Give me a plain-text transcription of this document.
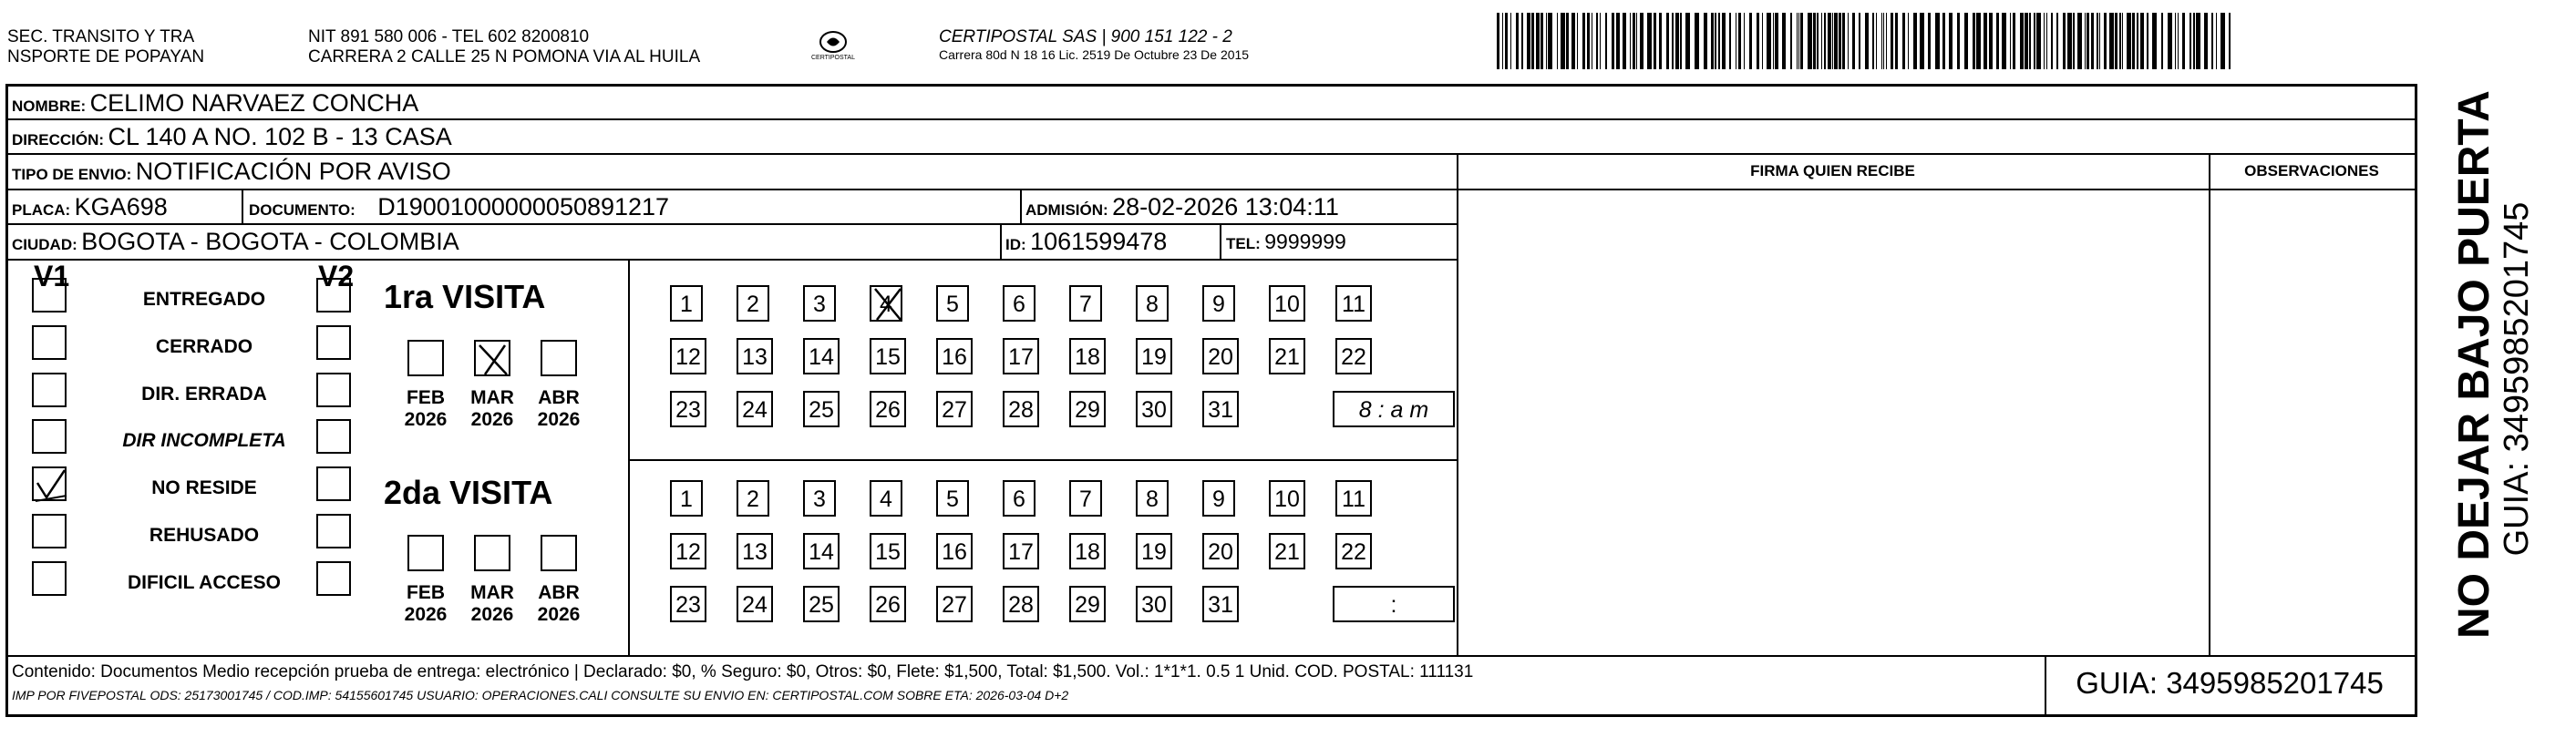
SEC. TRANSITO Y TRA
NSPORTE DE POPAYAN
NIT 891 580 006 - TEL 602 8200810
CARRERA 2 CALLE 25 N POMONA VIA AL HUILA	CERTIPOSTAL
CERTIPOSTAL SAS | 900 151 122 - 2
Carrera 80d N 18 16 Lic. 2519 De Octubre 23 De 2015
NOMBRE: CELIMO NARVAEZ CONCHA
DIRECCIÓN: CL 140 A NO. 102 B - 13 CASA
TIPO DE ENVIO: NOTIFICACIÓN POR AVISO	FIRMA QUIEN RECIBE	OBSERVACIONES
PLACA: KGA698	DOCUMENTO: D19001000000050891217	ADMISIÓN: 28-02-2026 13:04:11
CIUDAD: BOGOTA - BOGOTA - COLOMBIA	ID: 1061599478	TEL: 9999999
V1	V2
ENTREGADO
CERRADO
DIR. ERRADA
DIR INCOMPLETA
NO RESIDE
REHUSADO
DIFICIL ACCESO
1ra VISITA
FEB
2026
MAR
2026
ABR
2026
1	2	3	4	5	6	7	8	9	10 11
12 13 14 15 16 17 18 19 20 21 22
23 24 25 26 27 28 29 30 31	8 : a m
2da VISITA
FEB
2026
MAR
2026
ABR
2026
1	2	3	4	5	6	7	8	9	10 11
12 13 14 15 16 17 18 19 20 21 22
23 24 25 26 27 28 29 30 31	:
Contenido: Documentos Medio recepción prueba de entrega: electrónico | Declarado: $0, % Seguro: $0, Otros: $0, Flete: $1,500, Total: $1,500. Vol.: 1*1*1. 0.5 1 Unid. COD. POSTAL: 111131
IMP POR FIVEPOSTAL ODS: 25173001745 / COD.IMP: 54155601745 USUARIO: OPERACIONES.CALI CONSULTE SU ENVIO EN: CERTIPOSTAL.COM SOBRE ETA: 2026-03-04 D+2	GUIA: 3495985201745
NO DEJAR BAJO PUERTA GUIA: 3495985201745
